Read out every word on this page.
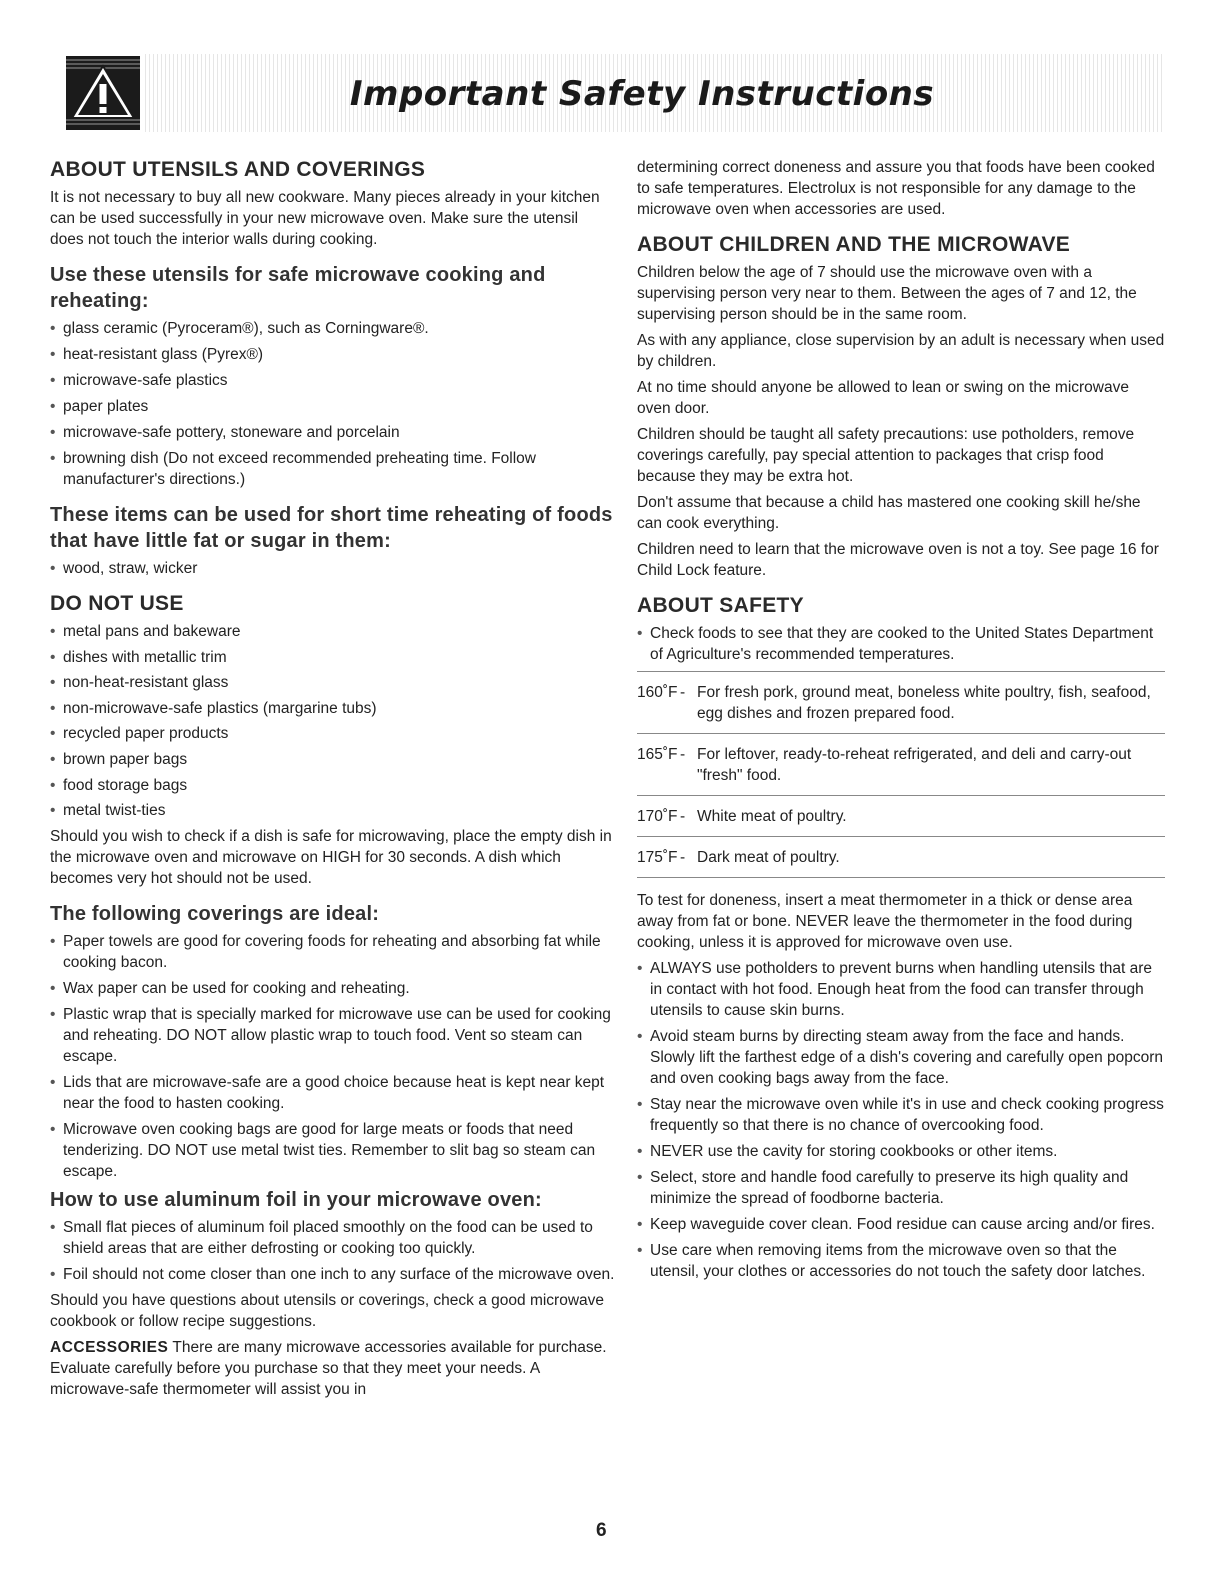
Important Safety Instructions
ABOUT UTENSILS AND COVERINGS

It is not necessary to buy all new cookware. Many pieces already in your kitchen can be used successfully in your new microwave oven. Make sure the utensil does not touch the interior walls during cooking.

Use these utensils for safe microwave cooking and reheating:
• glass ceramic (Pyroceram®), such as Corningware®.
• heat-resistant glass (Pyrex®)
• microwave-safe plastics
• paper plates
• microwave-safe pottery, stoneware and porcelain
• browning dish (Do not exceed recommended preheating time. Follow manufacturer's directions.)
These items can be used for short time reheating of foods that have little fat or sugar in them:
• wood, straw, wicker
DO NOT USE
• metal pans and bakeware
• dishes with metallic trim
• non-heat-resistant glass
• non-microwave-safe plastics (margarine tubs)
• recycled paper products
• brown paper bags
• food storage bags
• metal twist-ties

Should you wish to check if a dish is safe for microwaving, place the empty dish in the microwave oven and microwave on HIGH for 30 seconds. A dish which becomes very hot should not be used.

The following coverings are ideal:
• Paper towels are good for covering foods for reheating and absorbing fat while cooking bacon.
• Wax paper can be used for cooking and reheating.
• Plastic wrap that is specially marked for microwave use can be used for cooking and reheating. DO NOT allow plastic wrap to touch food. Vent so steam can escape.
• Lids that are microwave-safe are a good choice because heat is kept near kept near the food to hasten cooking.
• Microwave oven cooking bags are good for large meats or foods that need tenderizing. DO NOT use metal twist ties. Remember to slit bag so steam can escape.
How to use aluminum foil in your microwave oven:
• Small flat pieces of aluminum foil placed smoothly on the food can be used to shield areas that are either defrosting or cooking too quickly.
• Foil should not come closer than one inch to any surface of the microwave oven.

Should you have questions about utensils or coverings, check a good microwave cookbook or follow recipe suggestions.

ACCESSORIES There are many microwave accessories available for purchase. Evaluate carefully before you purchase so that they meet your needs. A microwave-safe thermometer will assist you in

determining correct doneness and assure you that foods have been cooked to safe temperatures. Electrolux is not responsible for any damage to the microwave oven when accessories are used.

ABOUT CHILDREN AND THE MICROWAVE

Children below the age of 7 should use the microwave oven with a supervising person very near to them. Between the ages of 7 and 12, the supervising person should be in the same room.

As with any appliance, close supervision by an adult is necessary when used by children.

At no time should anyone be allowed to lean or swing on the microwave oven door.

Children should be taught all safety precautions: use potholders, remove coverings carefully, pay special attention to packages that crisp food because they may be extra hot.

Don't assume that because a child has mastered one cooking skill he/she can cook everything.

Children need to learn that the microwave oven is not a toy. See page 16 for Child Lock feature.

ABOUT SAFETY
• Check foods to see that they are cooked to the United States Department of Agriculture's recommended temperatures.
160˚F - For fresh pork, ground meat, boneless white poultry, fish, seafood, egg dishes and frozen prepared food.
165˚F - For leftover, ready-to-reheat refrigerated, and deli and carry-out "fresh" food.
170˚F - White meat of poultry.
175˚F - Dark meat of poultry.

To test for doneness, insert a meat thermometer in a thick or dense area away from fat or bone. NEVER leave the thermometer in the food during cooking, unless it is approved for microwave oven use.

• ALWAYS use potholders to prevent burns when handling utensils that are in contact with hot food. Enough heat from the food can transfer through utensils to cause skin burns.
• Avoid steam burns by directing steam away from the face and hands. Slowly lift the farthest edge of a dish's covering and carefully open popcorn and oven cooking bags away from the face.
• Stay near the microwave oven while it's in use and check cooking progress frequently so that there is no chance of overcooking food.
• NEVER use the cavity for storing cookbooks or other items.
• Select, store and handle food carefully to preserve its high quality and minimize the spread of foodborne bacteria.
• Keep waveguide cover clean. Food residue can cause arcing and/or fires.
• Use care when removing items from the microwave oven so that the utensil, your clothes or accessories do not touch the safety door latches.
6
